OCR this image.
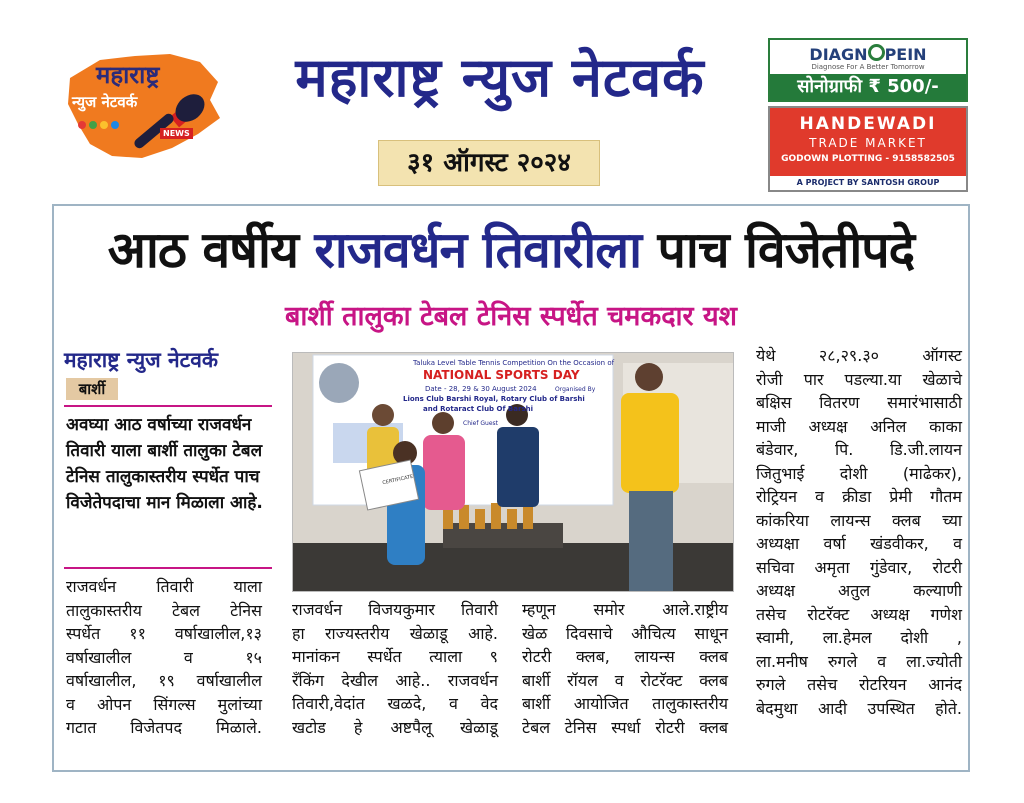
महाराष्ट्र
न्युज नेटवर्क
NEWS
महाराष्ट्र न्युज नेटवर्क
३१ ऑगस्ट २०२४
DIAGN PEIN
Diagnose For A Better Tomorrow
सोनोग्राफी ₹ 500/-
HANDEWADI
TRADE MARKET
GODOWN PLOTTING - 9158582505
A PROJECT BY SANTOSH GROUP
आठ वर्षीय राजवर्धन तिवारीला पाच विजेतीपदे
बार्शी तालुका टेबल टेनिस स्पर्धेत चमकदार यश
महाराष्ट्र न्युज नेटवर्क
बार्शी
अवघ्या आठ वर्षाच्या राजवर्धन तिवारी याला बार्शी तालुका टेबल टेनिस तालुकास्तरीय स्पर्धेत पाच विजेतेपदाचा मान मिळाला आहे.
राजवर्धन तिवारी याला
तालुकास्तरीय टेबल टेनिस
स्पर्धेत ११ वर्षाखालील,१३
वर्षाखालील व १५
वर्षाखालील, १९ वर्षाखालील
व ओपन सिंगल्स मुलांच्या
गटात विजेतपद मिळाले.
राजवर्धन विजयकुमार तिवारी
हा राज्यस्तरीय खेळाडू आहे.
मानांकन स्पर्धेत त्याला ९
रँकिंग देखील आहे.. राजवर्धन
तिवारी,वेदांत खळदे, व वेद
खटोड हे अष्टपैलू खेळाडू
म्हणून समोर आले.राष्ट्रीय
खेळ दिवसाचे औचित्य साधून
रोटरी क्लब, लायन्स क्लब
बार्शी रॉयल व रोटरॅक्ट क्लब
बार्शी आयोजित तालुकास्तरीय
टेबल टेनिस स्पर्धा रोटरी क्लब
येथे २८,२९.३० ऑगस्ट
रोजी पार पडल्या.या खेळाचे
बक्षिस वितरण समारंभासाठी
माजी अध्यक्ष अनिल काका
बंडेवार, पि. डि.जी.लायन
जितुभाई दोशी (माढेकर),
रोट्रियन व क्रीडा प्रेमी गौतम
कांकरिया लायन्स क्लब च्या
अध्यक्षा वर्षा खंडवीकर, व
सचिवा अमृता गुंडेवार, रोटरी
अध्यक्ष अतुल कल्याणी
तसेच रोटरॅक्ट अध्यक्ष गणेश
स्वामी, ला.हेमल दोशी ,
ला.मनीष रुगले व ला.ज्योती
रुगले तसेच रोटरियन आनंद
बेदमुथा आदी उपस्थित होते.
CERTIFICATE
Taluka Level Table Tennis Competition On the Occasion of
NATIONAL SPORTS DAY
Date - 28, 29 & 30 August 2024	Organised By
Lions Club Barshi Royal, Rotary Club of Barshi
and Rotaract Club Of Barshi
Chief Guest
